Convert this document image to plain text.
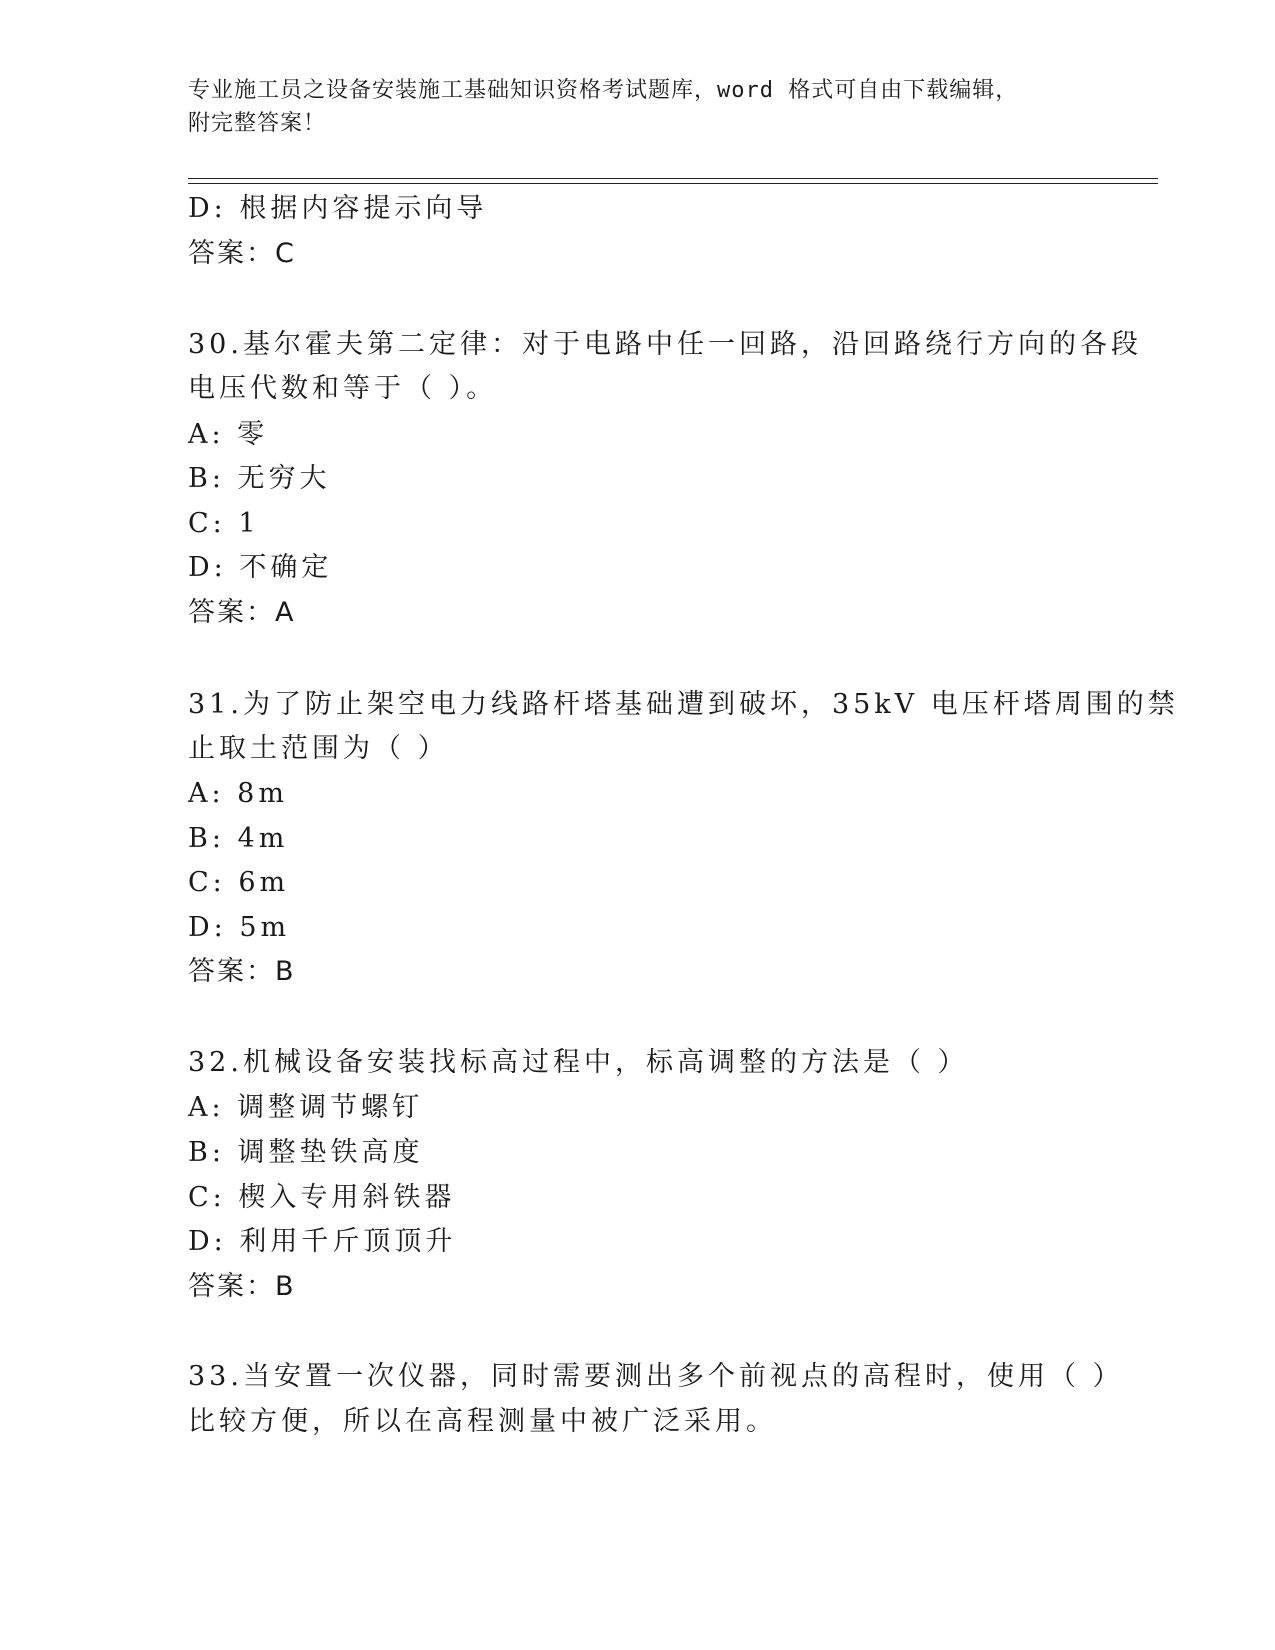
专业施工员之设备安装施工基础知识资格考试题库，word 格式可自由下载编辑，
附完整答案！
D: 根据内容提示向导
答案：C
30.基尔霍夫第二定律：对于电路中任一回路，沿回路绕行方向的各段
电压代数和等于（ ）。
A: 零
B: 无穷大
C: 1
D: 不确定
答案：A
31.为了防止架空电力线路杆塔基础遭到破坏，35kV 电压杆塔周围的禁
止取土范围为（ ）
A: 8m
B: 4m
C: 6m
D: 5m
答案：B
32.机械设备安装找标高过程中，标高调整的方法是（ ）
A: 调整调节螺钉
B: 调整垫铁高度
C: 楔入专用斜铁器
D: 利用千斤顶顶升
答案：B
33.当安置一次仪器，同时需要测出多个前视点的高程时，使用（ ）
比较方便，所以在高程测量中被广泛采用。
